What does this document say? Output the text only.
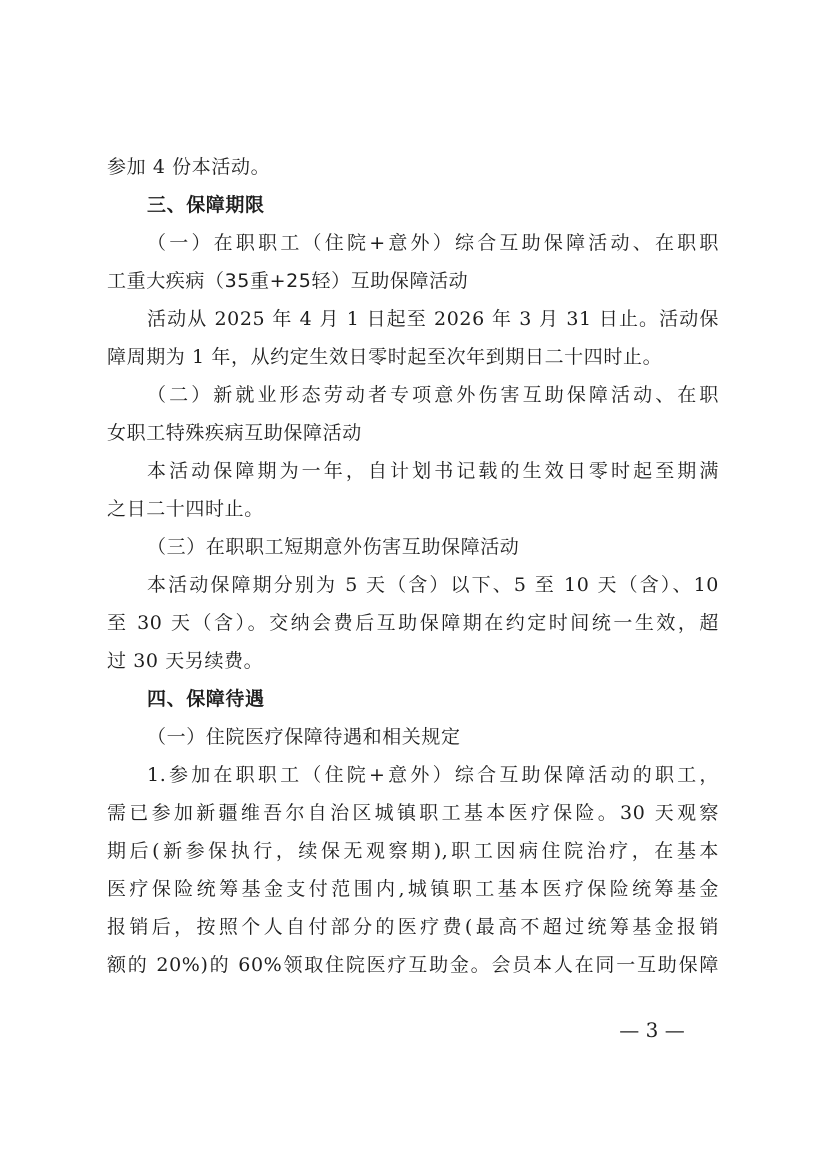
参加 4 份本活动。

三、保障期限

（一）在职职工（住院+意外）综合互助保障活动、在职职

工重大疾病（35重+25轻）互助保障活动

活动从 2025 年 4 月 1 日起至 2026 年 3 月 31 日止。活动保

障周期为 1 年，从约定生效日零时起至次年到期日二十四时止。

（二）新就业形态劳动者专项意外伤害互助保障活动、在职

女职工特殊疾病互助保障活动

本活动保障期为一年，自计划书记载的生效日零时起至期满

之日二十四时止。

（三）在职职工短期意外伤害互助保障活动

本活动保障期分别为 5 天（含）以下、5 至 10 天（含）、10

至 30 天（含）。交纳会费后互助保障期在约定时间统一生效，超

过 30 天另续费。

四、保障待遇

（一）住院医疗保障待遇和相关规定

1.参加在职职工（住院+意外）综合互助保障活动的职工，

需已参加新疆维吾尔自治区城镇职工基本医疗保险。30 天观察

期后(新参保执行，续保无观察期),职工因病住院治疗，在基本

医疗保险统筹基金支付范围内,城镇职工基本医疗保险统筹基金

报销后，按照个人自付部分的医疗费(最高不超过统筹基金报销

额的 20%)的 60%领取住院医疗互助金。会员本人在同一互助保障

— 3 —
